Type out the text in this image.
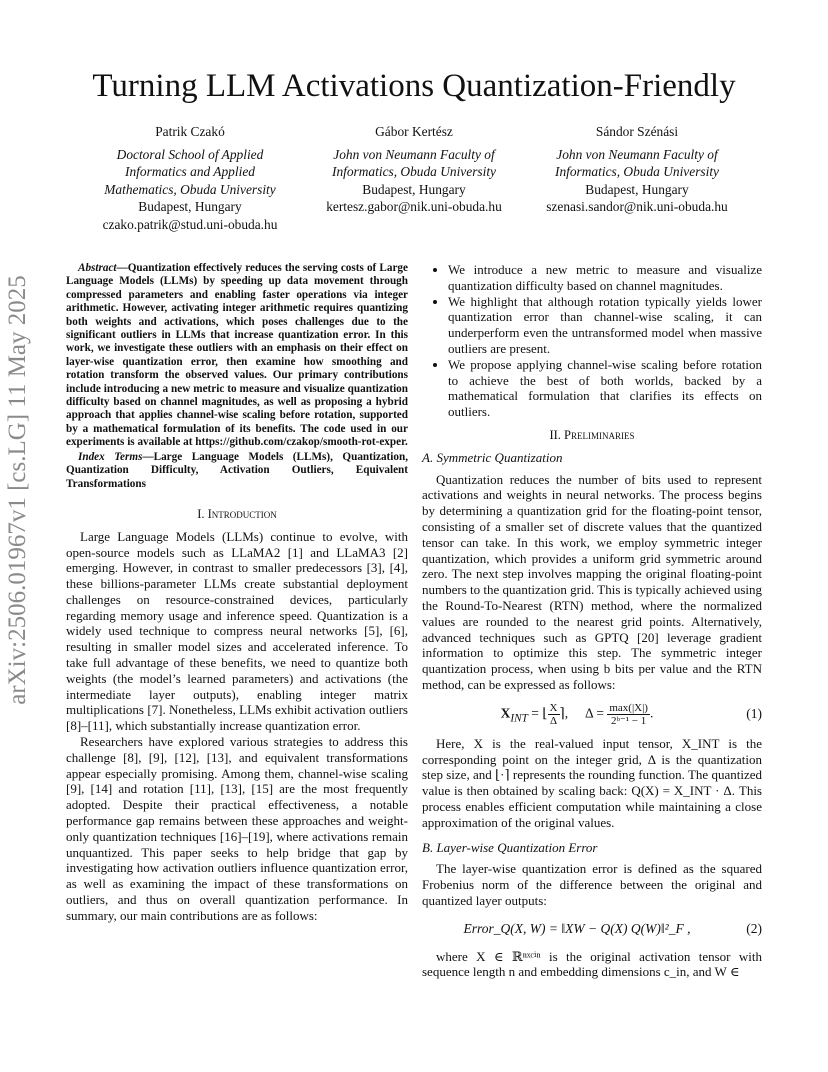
arXiv:2506.01967v1 [cs.LG] 11 May 2025
Turning LLM Activations Quantization-Friendly
Patrik Czakó
Doctoral School of Applied
Informatics and Applied
Mathematics, Obuda University
Budapest, Hungary
czako.patrik@stud.uni-obuda.hu
Gábor Kertész
John von Neumann Faculty of
Informatics, Obuda University
Budapest, Hungary
kertesz.gabor@nik.uni-obuda.hu
Sándor Szénási
John von Neumann Faculty of
Informatics, Obuda University
Budapest, Hungary
szenasi.sandor@nik.uni-obuda.hu

Abstract—Quantization effectively reduces the serving costs of Large Language Models (LLMs) by speeding up data movement through compressed parameters and enabling faster operations via integer arithmetic. However, activating integer arithmetic requires quantizing both weights and activations, which poses challenges due to the significant outliers in LLMs that increase quantization error. In this work, we investigate these outliers with an emphasis on their effect on layer-wise quantization error, then examine how smoothing and rotation transform the observed values. Our primary contributions include introducing a new metric to measure and visualize quantization difficulty based on channel magnitudes, as well as proposing a hybrid approach that applies channel-wise scaling before rotation, supported by a mathematical formulation of its benefits. The code used in our experiments is available at https://github.com/czakop/smooth-rot-exper.

Index Terms—Large Language Models (LLMs), Quantization, Quantization Difficulty, Activation Outliers, Equivalent Transformations

I. Introduction

Large Language Models (LLMs) continue to evolve, with open-source models such as LLaMA2 [1] and LLaMA3 [2] emerging. However, in contrast to smaller predecessors [3], [4], these billions-parameter LLMs create substantial deployment challenges on resource-constrained devices, particularly regarding memory usage and inference speed. Quantization is a widely used technique to compress neural networks [5], [6], resulting in smaller model sizes and accelerated inference. To take full advantage of these benefits, we need to quantize both weights (the model’s learned parameters) and activations (the intermediate layer outputs), enabling integer matrix multiplications [7]. Nonetheless, LLMs exhibit activation outliers [8]–[11], which substantially increase quantization error.

Researchers have explored various strategies to address this challenge [8], [9], [12], [13], and equivalent transformations appear especially promising. Among them, channel-wise scaling [9], [14] and rotation [11], [13], [15] are the most frequently adopted. Despite their practical effectiveness, a notable performance gap remains between these approaches and weight-only quantization techniques [16]–[19], where activations remain unquantized. This paper seeks to help bridge that gap by investigating how activation outliers influence quantization error, as well as examining the impact of these transformations on outliers, and thus on overall quantization performance. In summary, our main contributions are as follows:

• We introduce a new metric to measure and visualize quantization difficulty based on channel magnitudes.
• We highlight that although rotation typically yields lower quantization error than channel-wise scaling, it can underperform even the untransformed model when massive outliers are present.
• We propose applying channel-wise scaling before rotation to achieve the best of both worlds, backed by a mathematical formulation that clarifies its effects on outliers.
II. Preliminaries
A. Symmetric Quantization

Quantization reduces the number of bits used to represent activations and weights in neural networks. The process begins by determining a quantization grid for the floating-point tensor, consisting of a smaller set of discrete values that the quantized tensor can take. In this work, we employ symmetric integer quantization, which provides a uniform grid symmetric around zero. The next step involves mapping the original floating-point numbers to the quantization grid. This is typically achieved using the Round-To-Nearest (RTN) method, where the normalized values are rounded to the nearest grid points. Alternatively, advanced techniques such as GPTQ [20] leverage gradient information to optimize this step. The symmetric integer quantization process, when using b bits per value and the RTN method, can be expressed as follows:

$X_{INT}$ = ⌊ $\frac{X}{\Delta}$ ⌉,     $\Delta = \frac{\max(|X|)}{\text{2ᵇ⁻¹ − 1}}$ .	(1)

Here, X is the real-valued input tensor, X_INT is the corresponding point on the integer grid, Δ is the quantization step size, and ⌊·⌉ represents the rounding function. The quantized value is then obtained by scaling back: Q(X) = X_INT · Δ. This process enables efficient computation while maintaining a close approximation of the original values.

B. Layer-wise Quantization Error

The layer-wise quantization error is defined as the squared Frobenius norm of the difference between the original and quantized layer outputs:

Error_Q(X, W) = ‖XW − Q(X) Q(W)‖²_F ,	(2)

where X ∈ ℝⁿˣᶜⁱⁿ is the original activation tensor with sequence length n and embedding dimensions c_in, and W ∈
